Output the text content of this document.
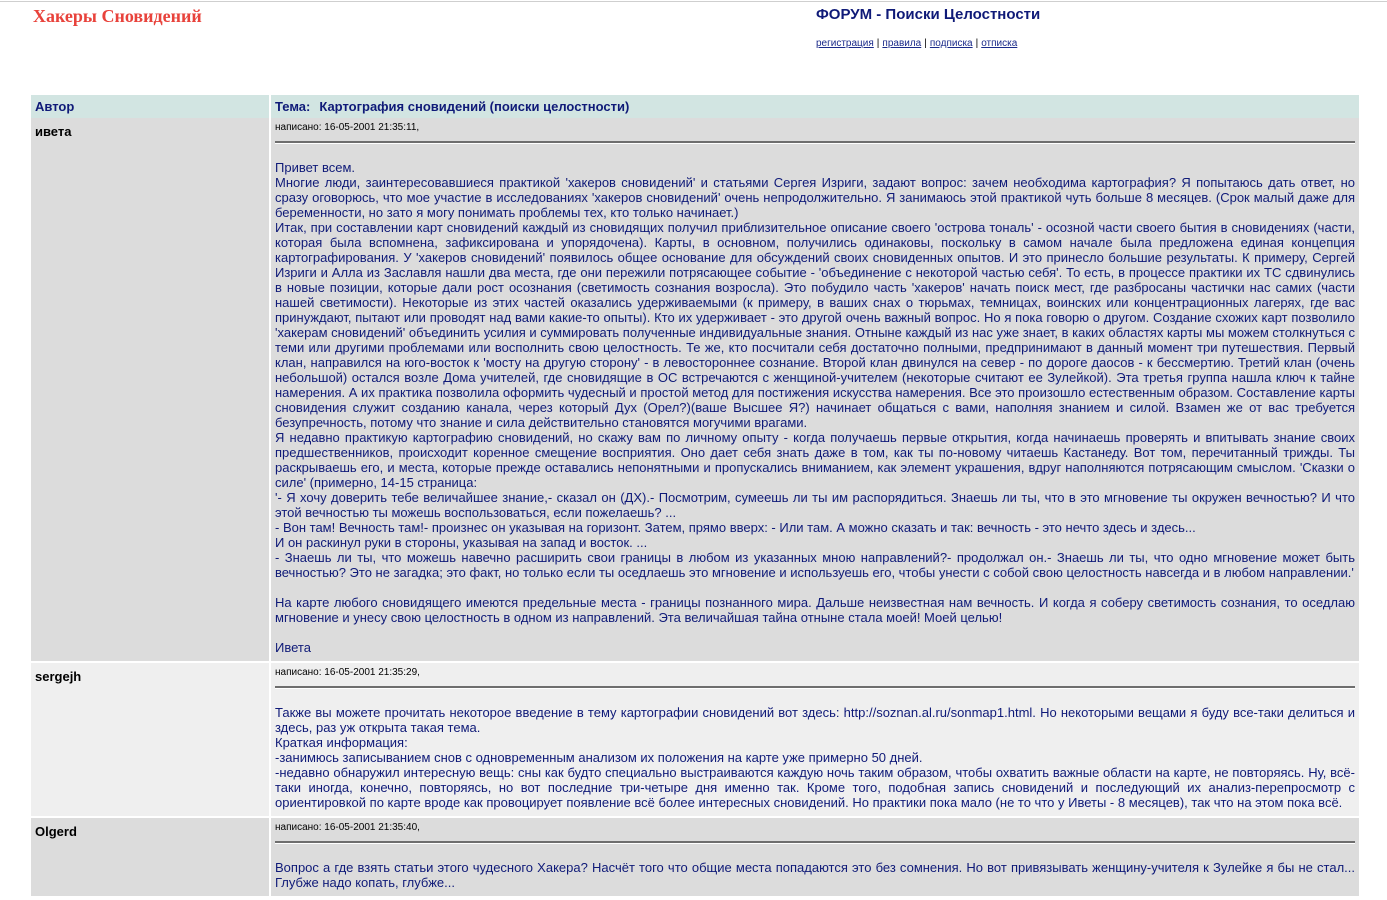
Хакеры Сновидений	ФОРУМ - Поиски Целостности
регистрация | правила | подписка | отписка
Автор	Тема: Картография сновидений (поиски целостности)
ивета	написано: 16-05-2001 21:35:11,

Привет всем.

Многие люди, заинтересовавшиеся практикой 'хакеров сновидений' и статьями Сергея Изриги, задают вопрос: зачем необходима картография? Я попытаюсь дать ответ, но сразу оговорюсь, что мое участие в исследованиях 'хакеров сновидений' очень непродолжительно. Я занимаюсь этой практикой чуть больше 8 месяцев. (Срок малый даже для беременности, но зато я могу понимать проблемы тех, кто только начинает.)

Итак, при составлении карт сновидений каждый из сновидящих получил приблизительное описание своего 'острова тональ' - осозной части своего бытия в сновидениях (части, которая была вспомнена, зафиксирована и упорядочена). Карты, в основном, получились одинаковы, поскольку в самом начале была предложена единая концепция картографирования. У 'хакеров сновидений' появилось общее основание для обсуждений своих сновиденных опытов. И это принесло большие результаты. К примеру, Сергей Изриги и Алла из Заславля нашли два места, где они пережили потрясающее событие - 'объединение с некоторой частью себя'. То есть, в процессе практики их ТС сдвинулись в новые позиции, которые дали рост осознания (светимость сознания возросла). Это побудило часть 'хакеров' начать поиск мест, где разбросаны частички нас самих (части нашей светимости). Некоторые из этих частей оказались удерживаемыми (к примеру, в ваших снах о тюрьмах, темницах, воинских или концентрационных лагерях, где вас принуждают, пытают или проводят над вами какие-то опыты). Кто их удерживает - это другой очень важный вопрос. Но я пока говорю о другом. Создание схожих карт позволило 'хакерам сновидений' объединить усилия и суммировать полученные индивидуальные знания. Отныне каждый из нас уже знает, в каких областях карты мы можем столкнуться с теми или другими проблемами или восполнить свою целостность. Те же, кто посчитали себя достаточно полными, предпринимают в данный момент три путешествия. Первый клан, направился на юго-восток к 'мосту на другую сторону' - в левостороннее сознание. Второй клан двинулся на север - по дороге даосов - к бессмертию. Третий клан (очень небольшой) остался возле Дома учителей, где сновидящие в ОС встречаются с женщиной-учителем (некоторые считают ее Зулейкой). Эта третья группа нашла ключ к тайне намерения. А их практика позволила оформить чудесный и простой метод для постижения искусства намерения. Все это произошло естественным образом. Составление карты сновидения служит созданию канала, через который Дух (Орел?)(ваше Высшее Я?) начинает общаться с вами, наполняя знанием и силой. Взамен же от вас требуется безупречность, потому что знание и сила действительно становятся могучими врагами.

Я недавно практикую картографию сновидений, но скажу вам по личному опыту - когда получаешь первые открытия, когда начинаешь проверять и впитывать знание своих предшественников, происходит коренное смещение восприятия. Оно дает себя знать даже в том, как ты по-новому читаешь Кастанеду. Вот том, перечитанный трижды. Ты раскрываешь его, и места, которые прежде оставались непонятными и пропускались вниманием, как элемент украшения, вдруг наполняются потрясающим смыслом. 'Сказки о силе' (примерно, 14-15 страница:

'- Я хочу доверить тебе величайшее знание,- сказал он (ДХ).- Посмотрим, сумеешь ли ты им распорядиться. Знаешь ли ты, что в это мгновение ты окружен вечностью? И что этой вечностью ты можешь воспользоваться, если пожелаешь? ...

- Вон там! Вечность там!- произнес он указывая на горизонт. Затем, прямо вверх: - Или там. А можно сказать и так: вечность - это нечто здесь и здесь...

И он раскинул руки в стороны, указывая на запад и восток. ...

- Знаешь ли ты, что можешь навечно расширить свои границы в любом из указанных мною направлений?- продолжал он.- Знаешь ли ты, что одно мгновение может быть вечностью? Это не загадка; это факт, но только если ты оседлаешь это мгновение и используешь его, чтобы унести с собой свою целостность навсегда и в любом направлении.'

На карте любого сновидящего имеются предельные места - границы познанного мира. Дальше неизвестная нам вечность. И когда я соберу светимость сознания, то оседлаю мгновение и унесу свою целостность в одном из направлений. Эта величайшая тайна отныне стала моей! Моей целью!

Ивета

sergejh	написано: 16-05-2001 21:35:29,

Также вы можете прочитать некоторое введение в тему картографии сновидений вот здесь: http://soznan.al.ru/sonmap1.html. Но некоторыми вещами я буду все-таки делиться и здесь, раз уж открыта такая тема.

Краткая информация:

-занимюсь записыванием снов с одновременным анализом их положения на карте уже примерно 50 дней.

-недавно обнаружил интересную вещь: сны как будто специально выстраиваются каждую ночь таким образом, чтобы охватить важные области на карте, не повторяясь. Ну, всё-таки иногда, конечно, повторяясь, но вот последние три-четыре дня именно так. Кроме того, подобная запись сновидений и последующий их анализ-перепросмотр с ориентировкой по карте вроде как провоцирует появление всё более интересных сновидений. Но практики пока мало (не то что у Иветы - 8 месяцев), так что на этом пока всё.

Olgerd	написано: 16-05-2001 21:35:40,

Вопрос а где взять статьи этого чудесного Хакера? Насчёт того что общие места попадаются это без сомнения. Но вот привязывать женщину-учителя к Зулейке я бы не стал... Глубже надо копать, глубже...
